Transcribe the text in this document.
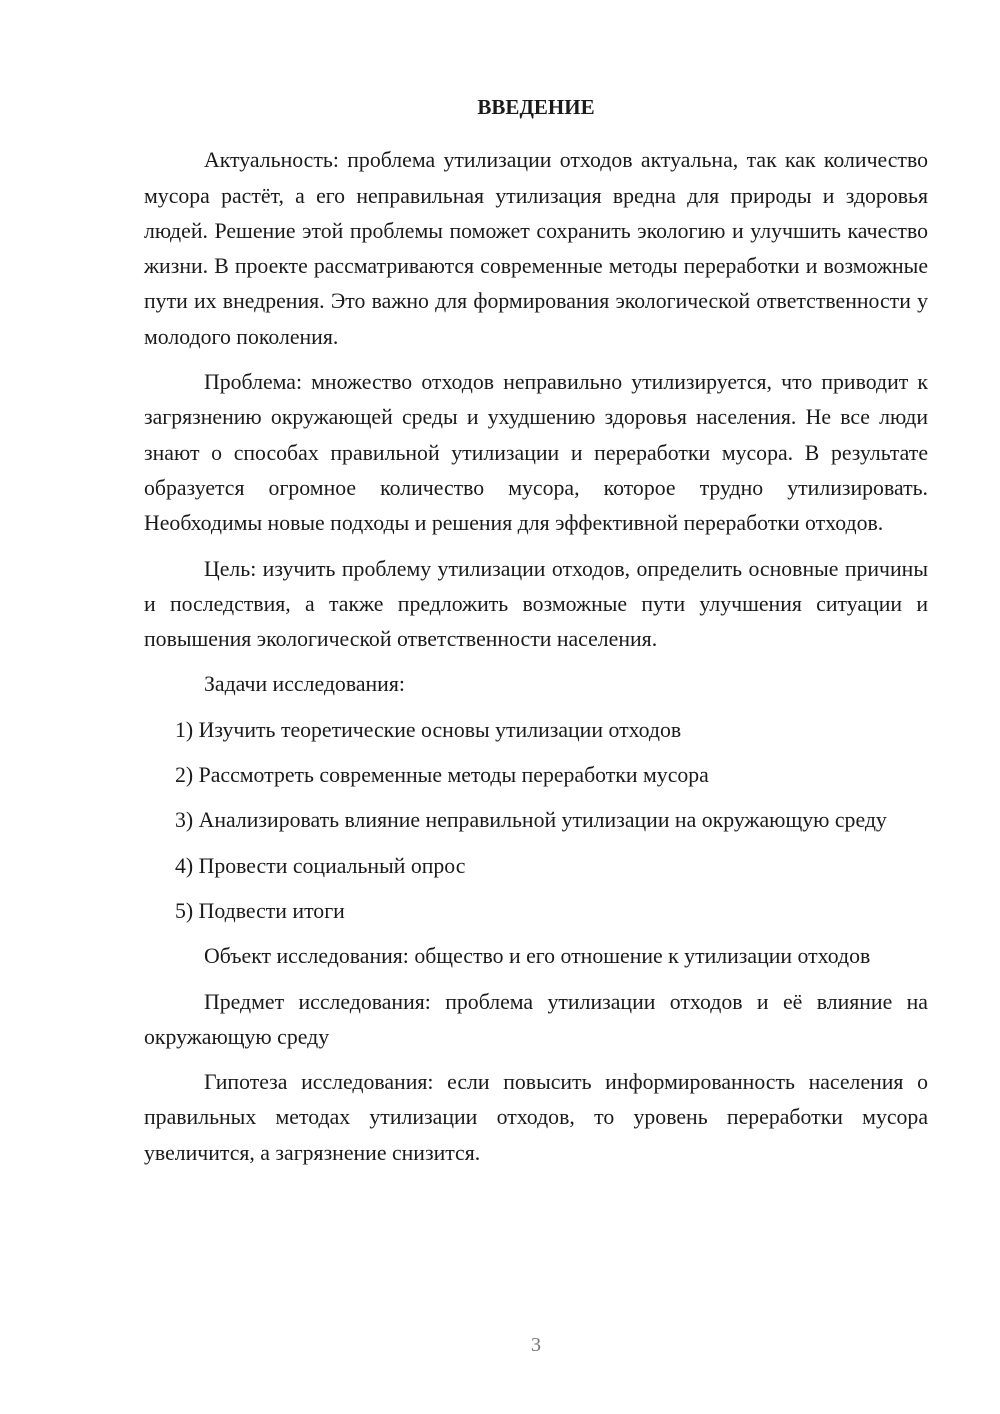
ВВЕДЕНИЕ

Актуальность: проблема утилизации отходов актуальна, так как количество мусора растёт, а его неправильная утилизация вредна для природы и здоровья людей. Решение этой проблемы поможет сохранить экологию и улучшить качество жизни. В проекте рассматриваются современные методы переработки и возможные пути их внедрения. Это важно для формирования экологической ответственности у молодого поколения.

Проблема: множество отходов неправильно утилизируется, что приводит к загрязнению окружающей среды и ухудшению здоровья населения. Не все люди знают о способах правильной утилизации и переработки мусора. В результате образуется огромное количество мусора, которое трудно утилизировать. Необходимы новые подходы и решения для эффективной переработки отходов.

Цель: изучить проблему утилизации отходов, определить основные причины и последствия, а также предложить возможные пути улучшения ситуации и повышения экологической ответственности населения.

Задачи исследования:

1) Изучить теоретические основы утилизации отходов

2) Рассмотреть современные методы переработки мусора

3) Анализировать влияние неправильной утилизации на окружающую среду

4) Провести социальный опрос

5) Подвести итоги

Объект исследования: общество и его отношение к утилизации отходов

Предмет исследования: проблема утилизации отходов и её влияние на окружающую среду

Гипотеза исследования: если повысить информированность населения о правильных методах утилизации отходов, то уровень переработки мусора увеличится, а загрязнение снизится.

3
